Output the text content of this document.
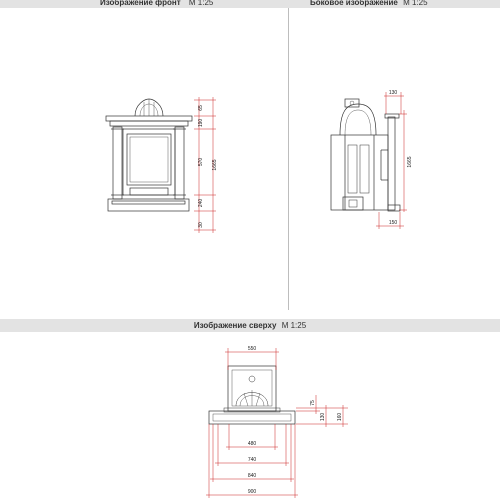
Изображение фронт M 1:25	Боковое изображение M 1:25
Изображение сверху M 1:25
65
190
570 1665
240
30
130
1665
150
550
480
740
840
900
75
130 160
